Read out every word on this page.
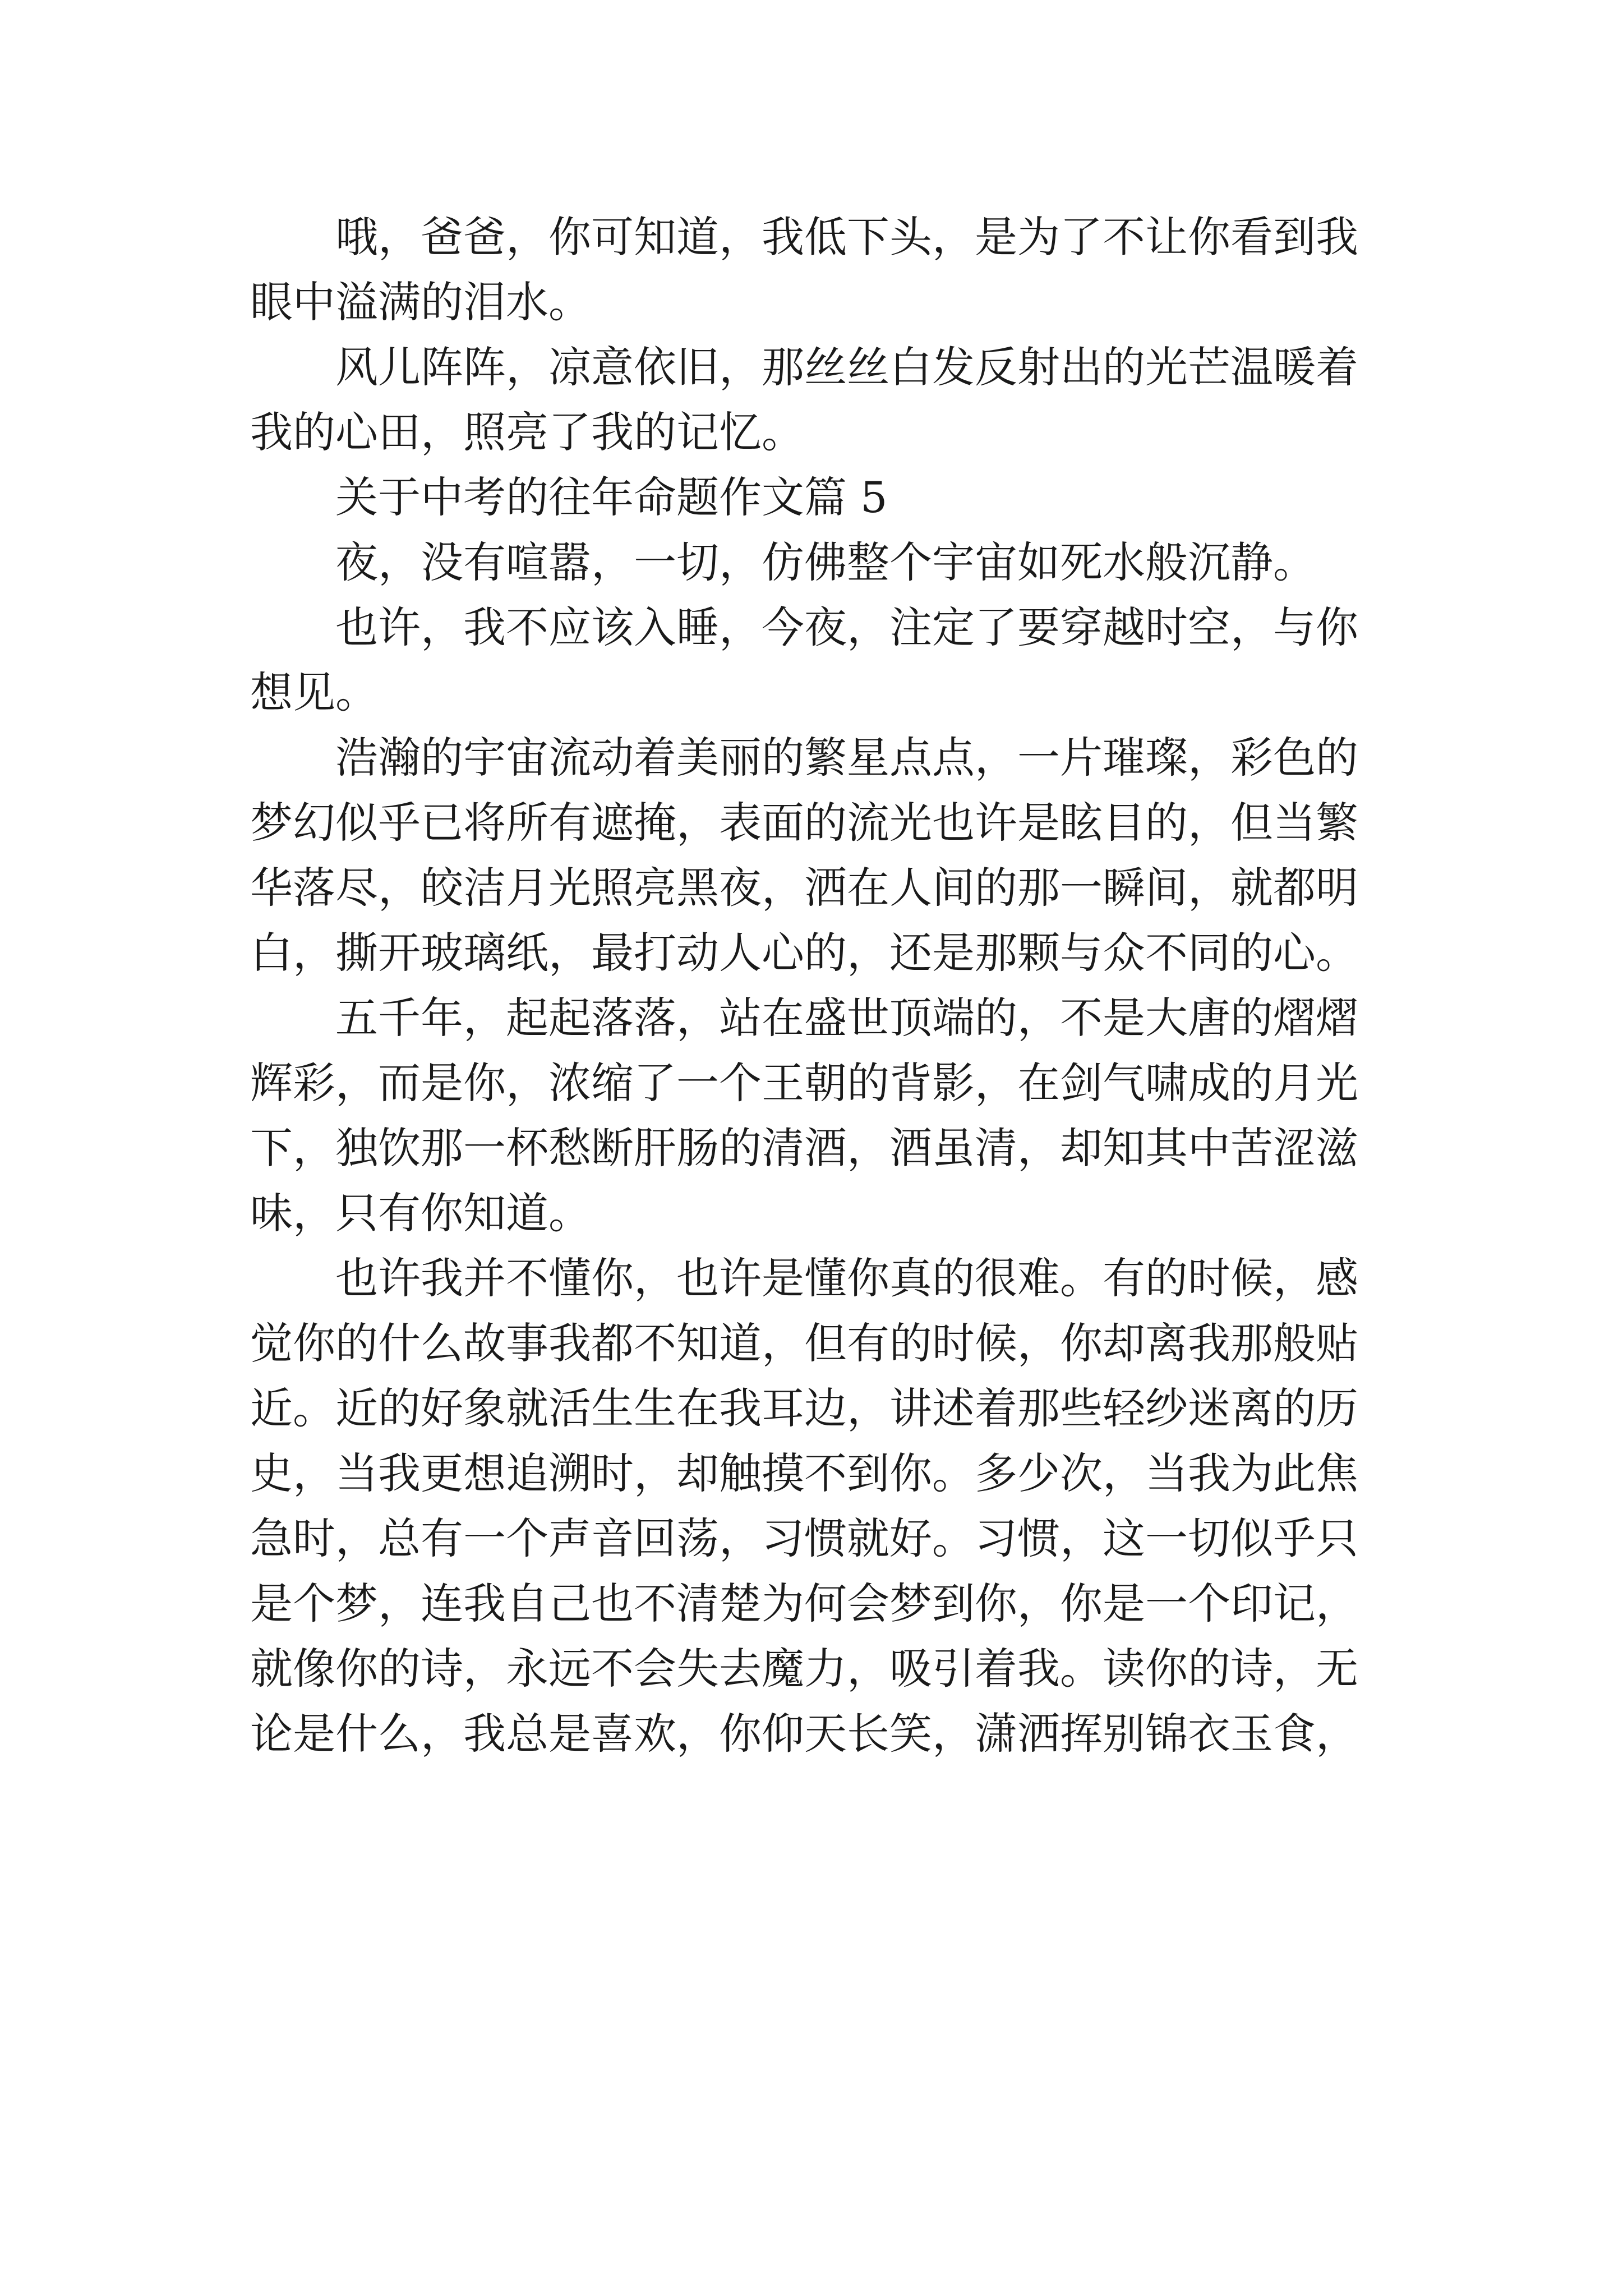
哦，爸爸，你可知道，我低下头，是为了不让你看到我
眼中溢满的泪水。
风儿阵阵，凉意依旧，那丝丝白发反射出的光芒温暖着
我的心田，照亮了我的记忆。
关于中考的往年命题作文篇 5
夜，没有喧嚣，一切，仿佛整个宇宙如死水般沉静。
也许，我不应该入睡，今夜，注定了要穿越时空，与你
想见。
浩瀚的宇宙流动着美丽的繁星点点，一片璀璨，彩色的
梦幻似乎已将所有遮掩，表面的流光也许是眩目的，但当繁
华落尽，皎洁月光照亮黑夜，洒在人间的那一瞬间，就都明
白，撕开玻璃纸，最打动人心的，还是那颗与众不同的心。
五千年，起起落落，站在盛世顶端的，不是大唐的熠熠
辉彩，而是你，浓缩了一个王朝的背影，在剑气啸成的月光
下，独饮那一杯愁断肝肠的清酒，酒虽清，却知其中苦涩滋
味，只有你知道。
也许我并不懂你，也许是懂你真的很难。有的时候，感
觉你的什么故事我都不知道，但有的时候，你却离我那般贴
近。近的好象就活生生在我耳边，讲述着那些轻纱迷离的历
史，当我更想追溯时，却触摸不到你。多少次，当我为此焦
急时，总有一个声音回荡，习惯就好。习惯，这一切似乎只
是个梦，连我自己也不清楚为何会梦到你，你是一个印记，
就像你的诗，永远不会失去魔力，吸引着我。读你的诗，无
论是什么，我总是喜欢，你仰天长笑，潇洒挥别锦衣玉食，
